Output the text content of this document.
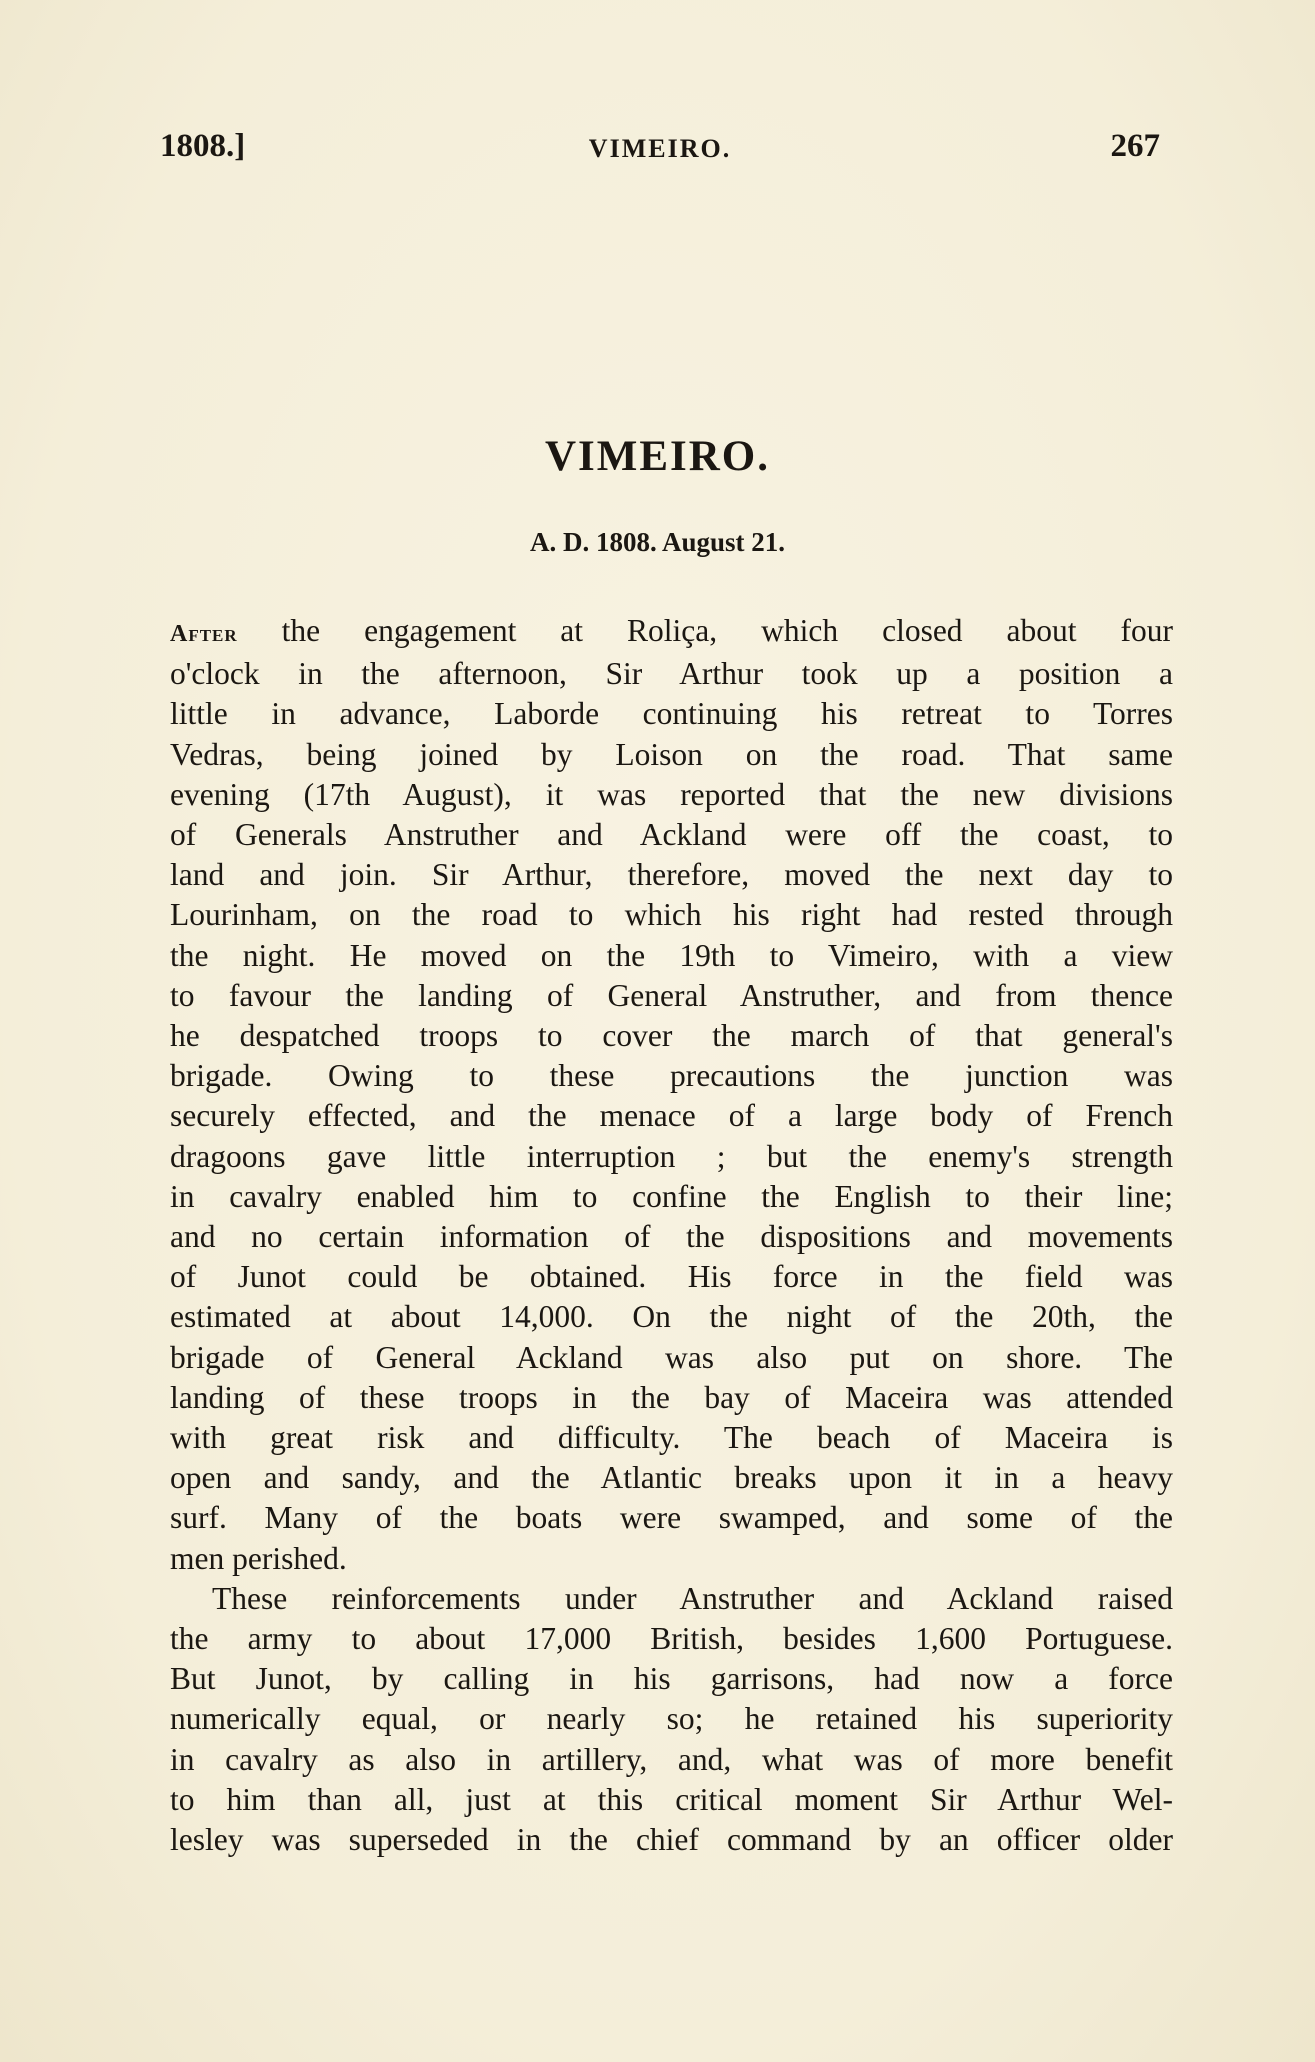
1808.]	VIMEIRO.	267
VIMEIRO.
A. D. 1808. August 21.
After the engagement at Roliça, which closed about four
o'clock in the afternoon, Sir Arthur took up a position a
little in advance, Laborde continuing his retreat to Torres
Vedras, being joined by Loison on the road. That same
evening (17th August), it was reported that the new divisions
of Generals Anstruther and Ackland were off the coast, to
land and join. Sir Arthur, therefore, moved the next day to
Lourinham, on the road to which his right had rested through
the night. He moved on the 19th to Vimeiro, with a view
to favour the landing of General Anstruther, and from thence
he despatched troops to cover the march of that general's
brigade. Owing to these precautions the junction was
securely effected, and the menace of a large body of French
dragoons gave little interruption ; but the enemy's strength
in cavalry enabled him to confine the English to their line;
and no certain information of the dispositions and movements
of Junot could be obtained. His force in the field was
estimated at about 14,000. On the night of the 20th, the
brigade of General Ackland was also put on shore. The
landing of these troops in the bay of Maceira was attended
with great risk and difficulty. The beach of Maceira is
open and sandy, and the Atlantic breaks upon it in a heavy
surf. Many of the boats were swamped, and some of the
men perished.
These reinforcements under Anstruther and Ackland raised
the army to about 17,000 British, besides 1,600 Portuguese.
But Junot, by calling in his garrisons, had now a force
numerically equal, or nearly so; he retained his superiority
in cavalry as also in artillery, and, what was of more benefit
to him than all, just at this critical moment Sir Arthur Wel-
lesley was superseded in the chief command by an officer older
